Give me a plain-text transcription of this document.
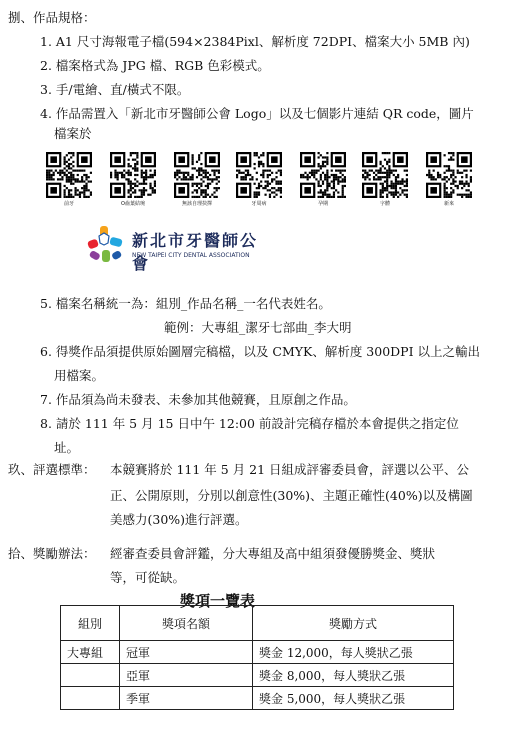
捌、作品規格：
1. A1 尺寸海報電子檔(594×2384Pixl、解析度 72DPI、檔案大小 5MB 內)
2. 檔案格式為 JPG 檔、RGB 色彩模式。
3. 手/電繪、直/橫式不限。
4. 作品需置入「新北市牙醫師公會 Logo」以及七個影片連結 QR code，圖片
檔案於
前牙	O齒葉結琬	無該自理抉擇	牙周病	孕期	字體	新來
新北市牙醫師公會
NEW TAIPEI CITY DENTAL ASSOCIATION
5. 檔案名稱統一為：組別_作品名稱_一名代表姓名。
範例：大專組_潔牙七部曲_李大明
6. 得獎作品須提供原始圖層完稿檔，以及 CMYK、解析度 300DPI 以上之輸出
用檔案。
7. 作品須為尚未發表、未參加其他競賽，且原創之作品。
8. 請於 111 年 5 月 15 日中午 12:00 前設計完稿存檔於本會提供之指定位
址。
玖、評選標準： 本競賽將於 111 年 5 月 21 日組成評審委員會，評選以公平、公
正、公開原則，分別以創意性(30%)、主題正確性(40%)以及構圖
美感力(30%)進行評選。
拾、獎勵辦法： 經審查委員會評鑑，分大專組及高中組須發優勝獎金、獎狀
等，可從缺。
獎項一覽表
組別	獎項名額	獎勵方式
大專組	冠軍	獎金 12,000，每人獎狀乙張
	亞軍	獎金 8,000，每人獎狀乙張
	季軍	獎金 5,000，每人獎狀乙張
